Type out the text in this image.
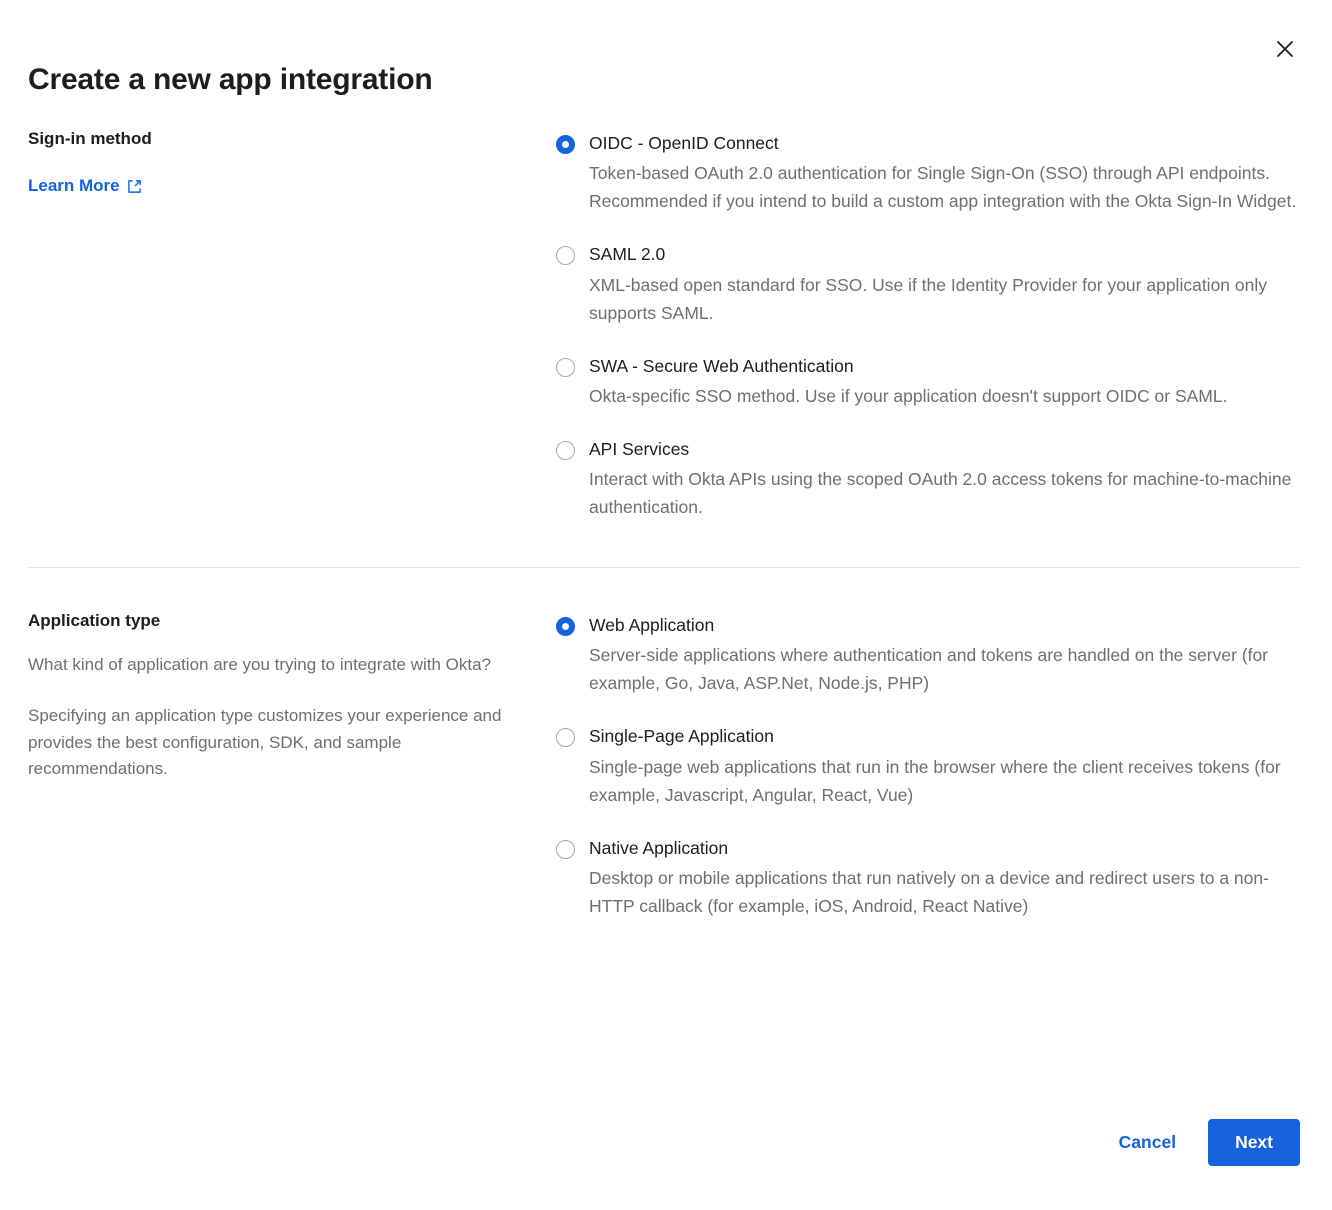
Create a new app integration

Sign-in method

Learn More
OIDC - OpenID Connect
Token-based OAuth 2.0 authentication for Single Sign-On (SSO) through API endpoints. Recommended if you intend to build a custom app integration with the Okta Sign-In Widget.
SAML 2.0
XML-based open standard for SSO. Use if the Identity Provider for your application only supports SAML.
SWA - Secure Web Authentication
Okta-specific SSO method. Use if your application doesn't support OIDC or SAML.
API Services
Interact with Okta APIs using the scoped OAuth 2.0 access tokens for machine-to-machine authentication.

Application type

What kind of application are you trying to integrate with Okta?

Specifying an application type customizes your experience and provides the best configuration, SDK, and sample recommendations.

Web Application
Server-side applications where authentication and tokens are handled on the server (for example, Go, Java, ASP.Net, Node.js, PHP)
Single-Page Application
Single-page web applications that run in the browser where the client receives tokens (for example, Javascript, Angular, React, Vue)
Native Application
Desktop or mobile applications that run natively on a device and redirect users to a non-HTTP callback (for example, iOS, Android, React Native)
Cancel	Next
